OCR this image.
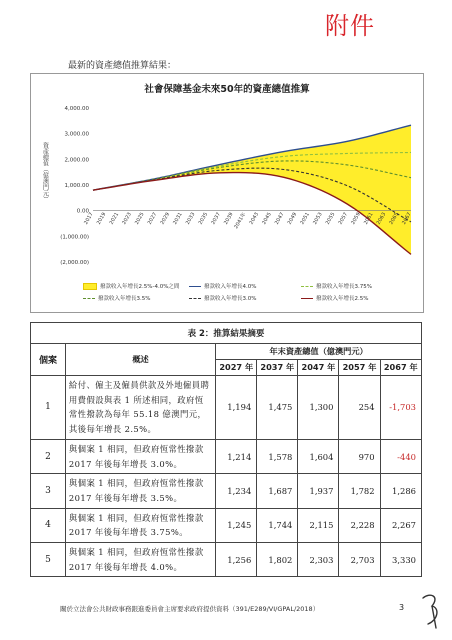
附件
最新的資產總值推算結果：
社會保障基金未來50年的資產總值推算
4,000.00
3,000.00
2,000.00
1,000.00
0.00
(1,000.00)
(2,000.00)
資產總值（億澳門元）
2017 2019 2021 2023 2025 2027 2029 2031 2033 2035 2037 2039
2041年 2043 2045 2047 2049 2051 2053 2055 2057 2059 2061 2063 2065 2067
撥款收入年增長2.5%-4.0%之間	撥款收入年增長4.0%	撥款收入年增長3.75%
撥款收入年增長3.5%	撥款收入年增長3.0%	撥款收入年增長2.5%
表 2：推算結果摘要						
個案	概述	年末資產總值（億澳門元）				
		2027 年	2037 年	2047 年	2057 年	2067 年
1	給付、僱主及僱員供款及外地僱員聘用費假設與表 1 所述相同，政府恆常性撥款為每年 55.18 億澳門元，其後每年增長 2.5%。	1,194	1,475	1,300	254	-1,703
2	與個案 1 相同，但政府恆常性撥款2017 年後每年增長 3.0%。	1,214	1,578	1,604	970	-440
3	與個案 1 相同，但政府恆常性撥款2017 年後每年增長 3.5%。	1,234	1,687	1,937	1,782	1,286
4	與個案 1 相同，但政府恆常性撥款2017 年後每年增長 3.75%。	1,245	1,744	2,115	2,228	2,267
5	與個案 1 相同，但政府恆常性撥款2017 年後每年增長 4.0%。	1,256	1,802	2,303	2,703	3,330
關於立法會公共財政事務跟進委員會主席要求政府提供資料（391/E289/VI/GPAL/2018）	3
